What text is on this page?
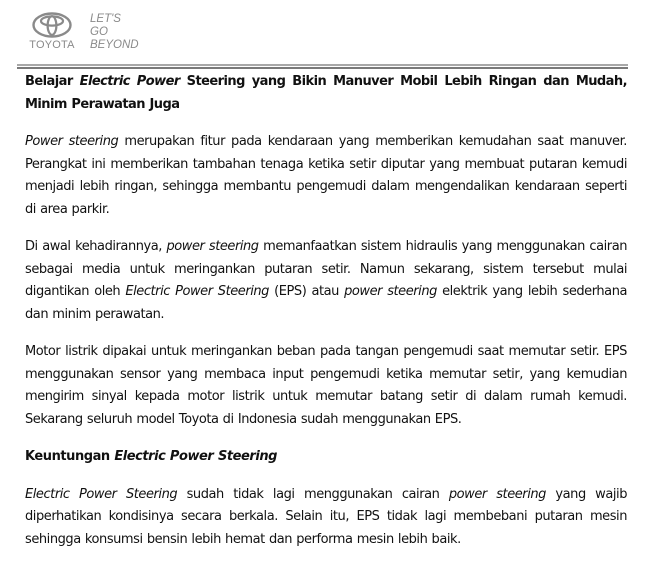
TOYOTA
LET'S
GO
BEYOND

Belajar Electric Power Steering yang Bikin Manuver Mobil Lebih Ringan dan Mudah, Minim Perawatan Juga

Power steering merupakan fitur pada kendaraan yang memberikan kemudahan saat manuver. Perangkat ini memberikan tambahan tenaga ketika setir diputar yang membuat putaran kemudi menjadi lebih ringan, sehingga membantu pengemudi dalam mengendalikan kendaraan seperti di area parkir.

Di awal kehadirannya, power steering memanfaatkan sistem hidraulis yang menggunakan cairan sebagai media untuk meringankan putaran setir. Namun sekarang, sistem tersebut mulai digantikan oleh Electric Power Steering (EPS) atau power steering elektrik yang lebih sederhana dan minim perawatan.

Motor listrik dipakai untuk meringankan beban pada tangan pengemudi saat memutar setir. EPS menggunakan sensor yang membaca input pengemudi ketika memutar setir, yang kemudian mengirim sinyal kepada motor listrik untuk memutar batang setir di dalam rumah kemudi. Sekarang seluruh model Toyota di Indonesia sudah menggunakan EPS.

Keuntungan Electric Power Steering

Electric Power Steering sudah tidak lagi menggunakan cairan power steering yang wajib diperhatikan kondisinya secara berkala. Selain itu, EPS tidak lagi membebani putaran mesin sehingga konsumsi bensin lebih hemat dan performa mesin lebih baik.
